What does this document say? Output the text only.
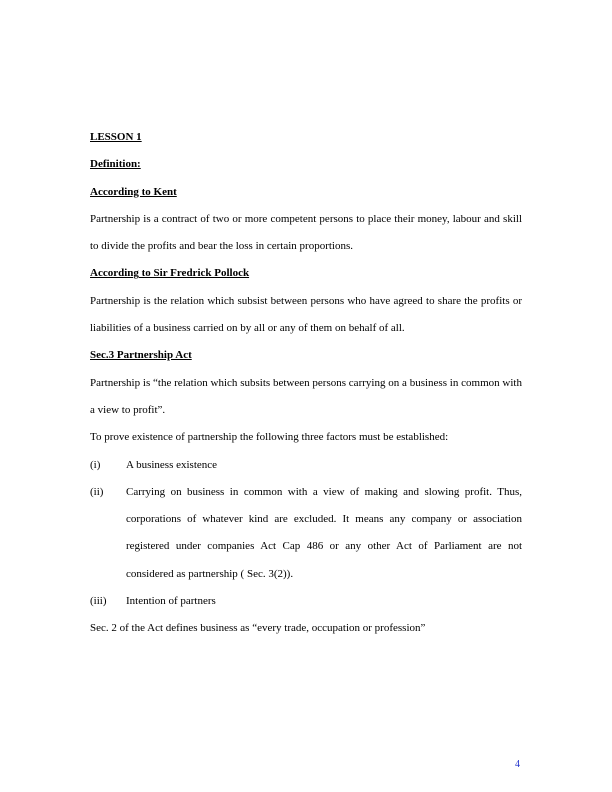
LESSON 1

Definition:

According to Kent

Partnership is a contract of two or more competent persons to place their money, labour and skill to divide the profits and bear the loss in certain proportions.

According to Sir Fredrick Pollock

Partnership is the relation which subsist between persons who have agreed to share the profits or liabilities of a business carried on by all or any of them on behalf of all.

Sec.3 Partnership Act

Partnership is “the relation which subsits between persons carrying on a business in common with a view to profit”.

To prove existence of partnership the following three factors must be established:

(i) A business existence
(ii) Carrying on business in common with a view of making and slowing profit. Thus, corporations of whatever kind are excluded. It means any company or association registered under companies Act Cap 486 or any other Act of Parliament are not considered as partnership ( Sec. 3(2)).
(iii) Intention of partners

Sec. 2 of the Act defines business as “every trade, occupation or profession”

4
